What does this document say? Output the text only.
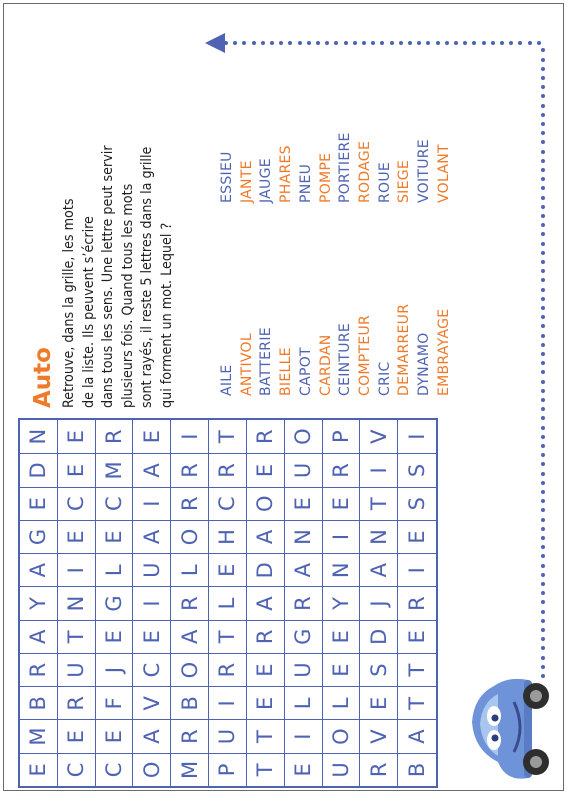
E
M
B
R
A
Y
A
G
E
D
N
C
E
R
U
T
N
I
E
C
E
E
C
E
F
J
E
G
L
E
C
M
R
O
A
V
C
E
I
U
A
I
A
E
M
R
B
O
A
R
L
O
R
R
I
P
U
I
R
T
L
E
H
C
R
T
T
T
E
E
R
A
D
A
O
E
R
E
I
L
U
G
R
A
N
E
U
O
U
O
L
E
E
Y
N
I
E
R
P
R
V
E
S
D
J
A
N
T
I
V
B
A
T
T
E
R
I
E
S
S
I
Auto Retrouve, dans la grille, les mots de la liste. Ils peuvent s’écrire dans tous les sens. Une lettre peut servir plusieurs fois. Quand tous les mots sont rayés, il reste 5 lettres dans la grille qui forment un mot. Lequel ?	AILE ANTIVOL BATTERIE BIELLE CAPOT CARDAN CEINTURE COMPTEUR CRIC DEMARREUR DYNAMO EMBRAYAGE
ESSIEU JANTE JAUGE PHARES PNEU POMPE PORTIERE RODAGE ROUE SIEGE VOITURE VOLANT
